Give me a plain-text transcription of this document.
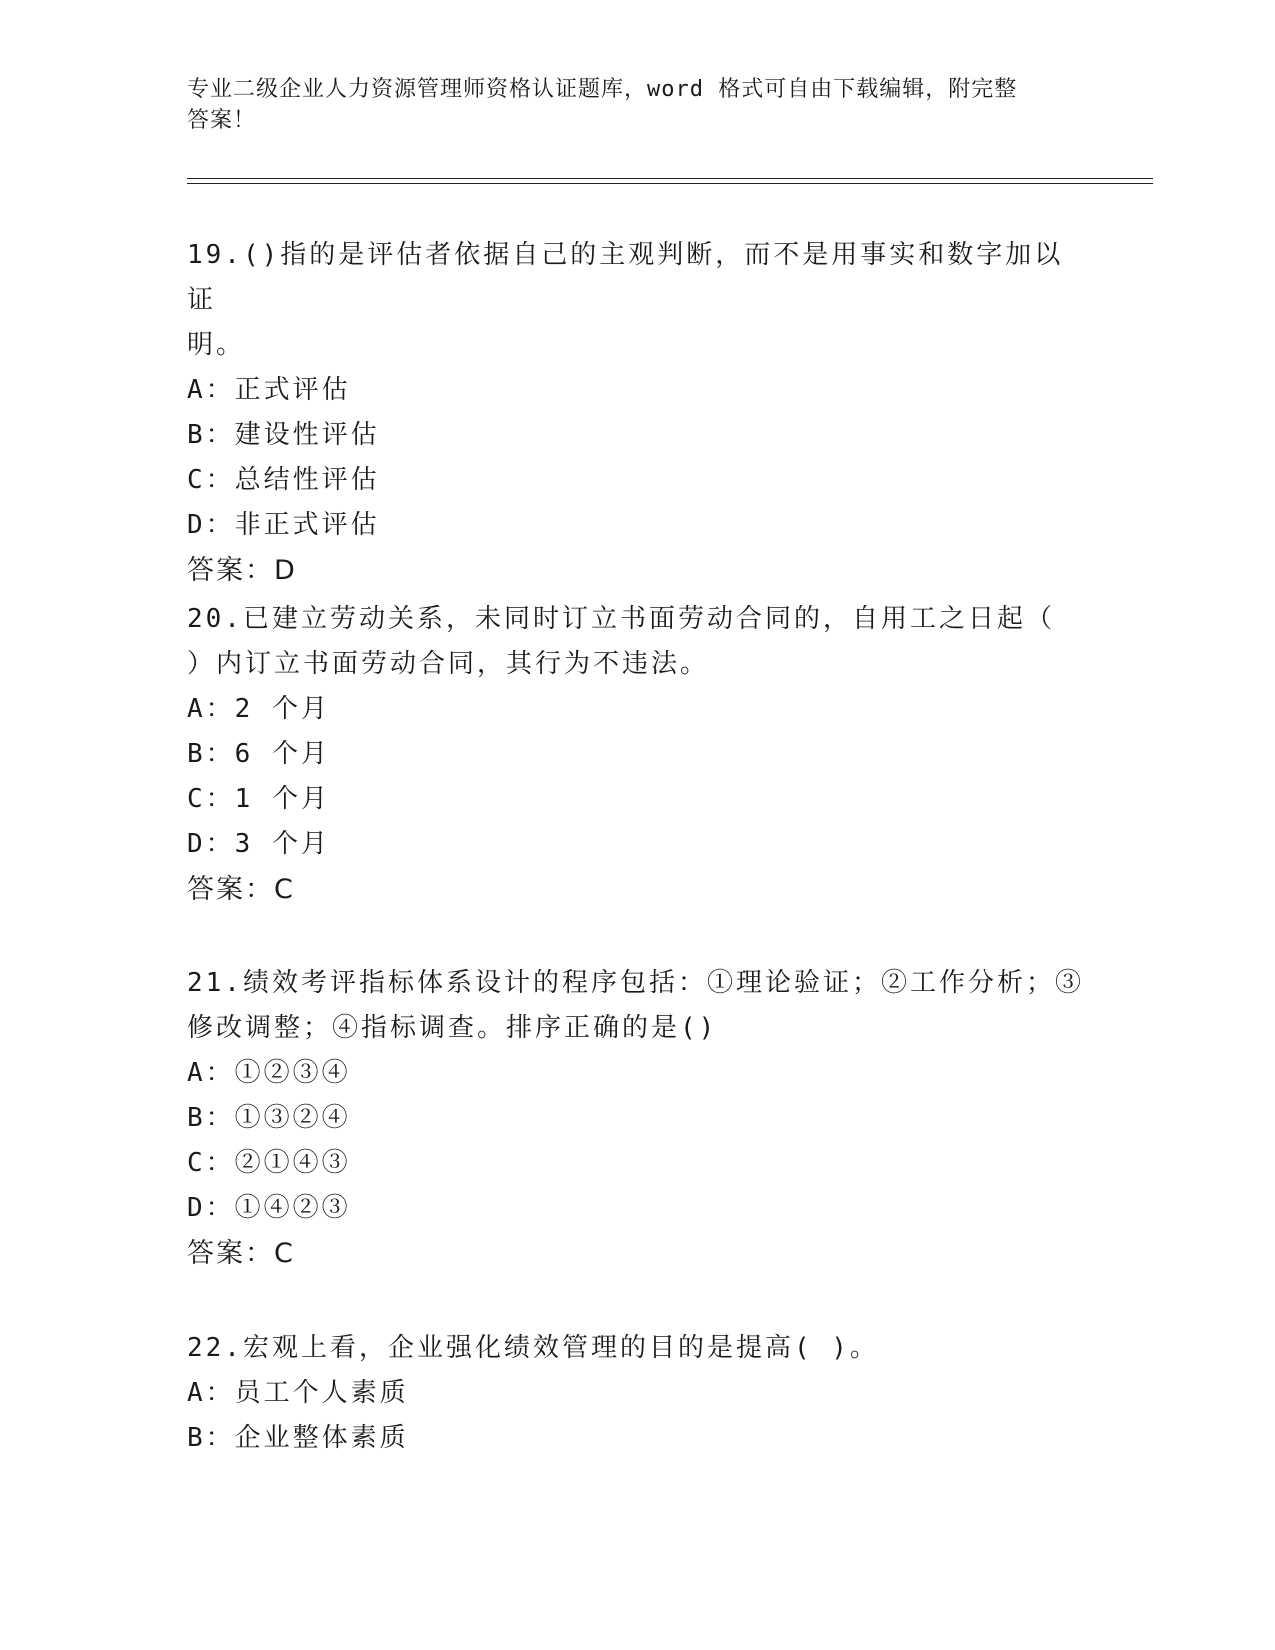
专业二级企业人力资源管理师资格认证题库，word 格式可自由下载编辑，附完整
答案！

19.()指的是评估者依据自己的主观判断，而不是用事实和数字加以证

明。

A：正式评估

B：建设性评估

C：总结性评估

D：非正式评估

答案：D

20.已建立劳动关系，未同时订立书面劳动合同的，自用工之日起（

）内订立书面劳动合同，其行为不违法。

A：2 个月

B：6 个月

C：1 个月

D：3 个月

答案：C

21.绩效考评指标体系设计的程序包括：①理论验证；②工作分析；③

修改调整；④指标调查。排序正确的是()

A：①②③④

B：①③②④

C：②①④③

D：①④②③

答案：C

22.宏观上看，企业强化绩效管理的目的是提高( )。

A：员工个人素质

B：企业整体素质
